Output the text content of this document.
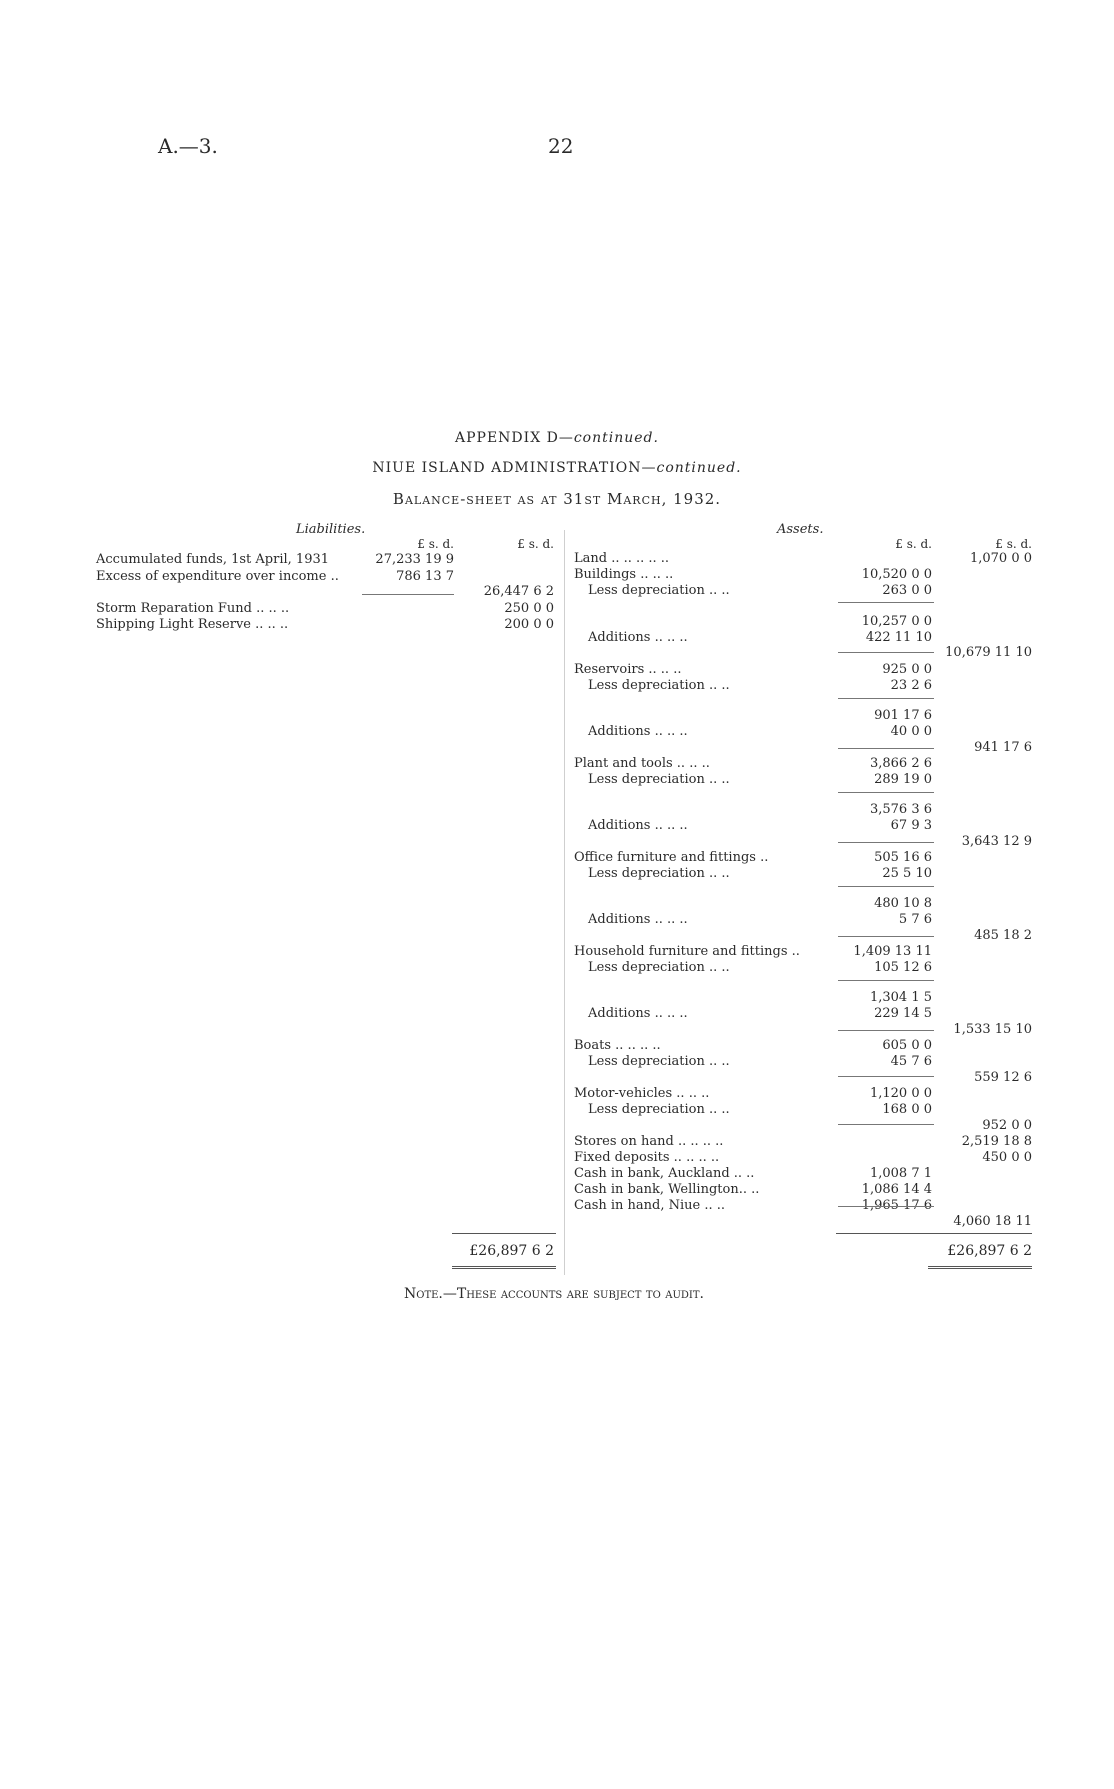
A.—3.	22
APPENDIX D—continued.
NIUE ISLAND ADMINISTRATION—continued.
Balance-sheet as at 31st March, 1932.
Liabilities.	Assets.
£ s. d.	£ s. d.	£ s. d.	£ s. d.
Accumulated funds, 1st April, 1931	27,233 19 9
Excess of expenditure over income ..	786 13 7
26,447 6 2
Storm Reparation Fund .. .. ..	250 0 0
Shipping Light Reserve .. .. ..	200 0 0
£26,897 6 2
Land .. .. .. .. ..	1,070 0 0
Buildings .. .. ..	10,520 0 0
Less depreciation .. ..	263 0 0
10,257 0 0
Additions .. .. ..	422 11 10
10,679 11 10
Reservoirs .. .. ..	925 0 0
Less depreciation .. ..	23 2 6
901 17 6
Additions .. .. ..	40 0 0
941 17 6
Plant and tools .. .. ..	3,866 2 6
Less depreciation .. ..	289 19 0
3,576 3 6
Additions .. .. ..	67 9 3
3,643 12 9
Office furniture and fittings ..	505 16 6
Less depreciation .. ..	25 5 10
480 10 8
Additions .. .. ..	5 7 6
485 18 2
Household furniture and fittings ..	1,409 13 11
Less depreciation .. ..	105 12 6
1,304 1 5
Additions .. .. ..	229 14 5
1,533 15 10
Boats .. .. .. ..	605 0 0
Less depreciation .. ..	45 7 6
559 12 6
Motor-vehicles .. .. ..	1,120 0 0
Less depreciation .. ..	168 0 0
952 0 0
Stores on hand .. .. .. ..	2,519 18 8
Fixed deposits .. .. .. ..	450 0 0
Cash in bank, Auckland .. ..	1,008 7 1
Cash in bank, Wellington.. ..	1,086 14 4
Cash in hand, Niue .. ..	1,965 17 6
4,060 18 11
£26,897 6 2
Note.—These accounts are subject to audit.
